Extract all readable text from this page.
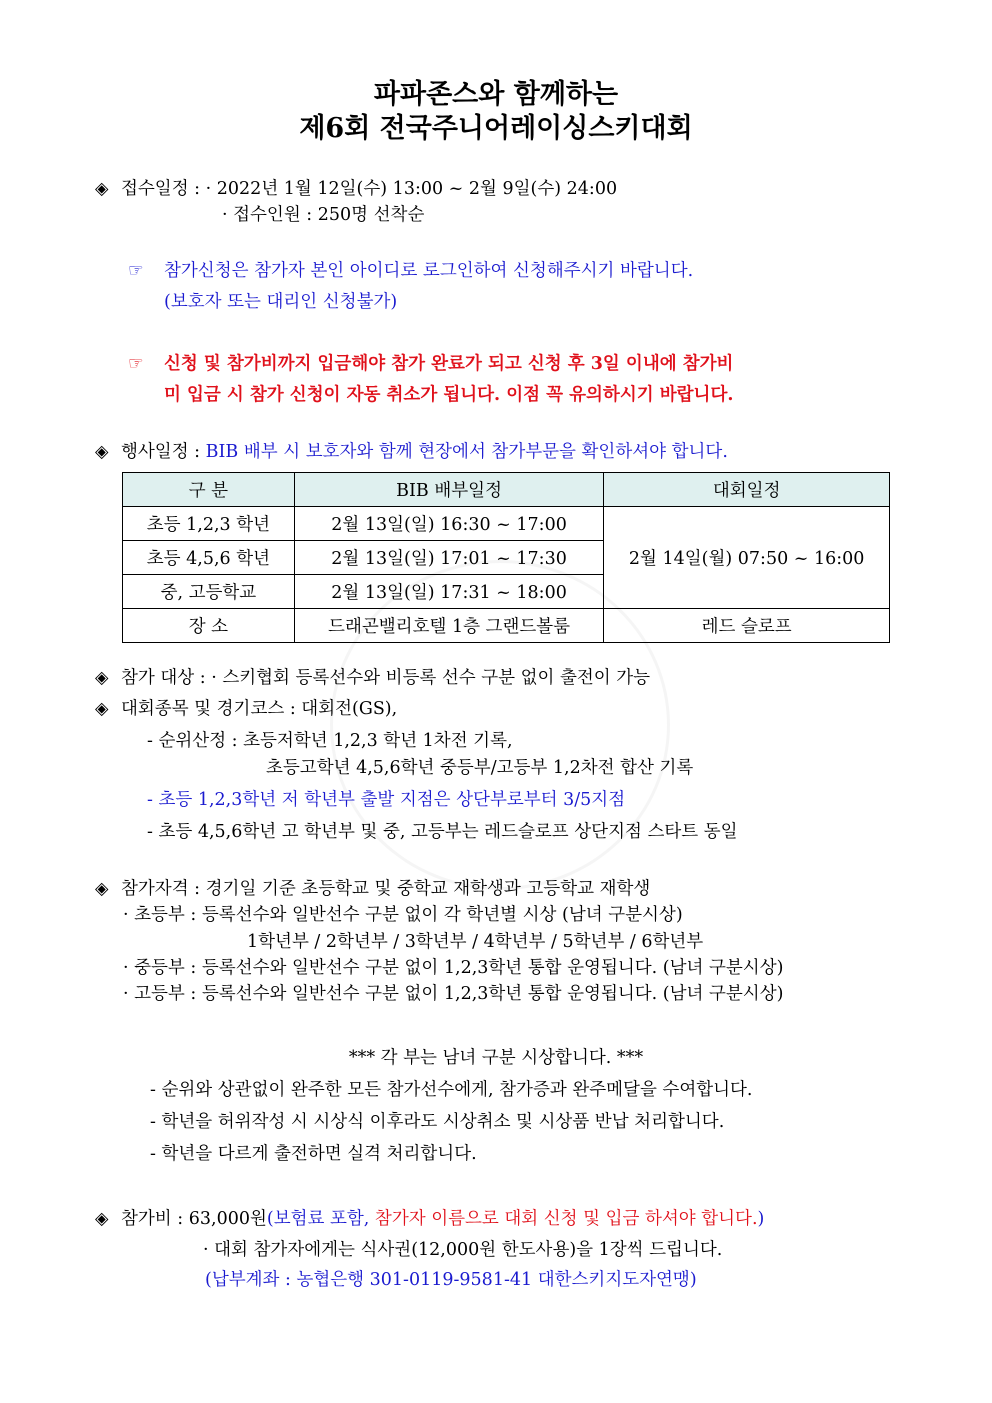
파파존스와 함께하는
제6회 전국주니어레이싱스키대회
◈ 접수일정 : · 2022년 1월 12일(수) 13:00 ~ 2월 9일(수) 24:00
· 접수인원 : 250명 선착순
☞ 참가신청은 참가자 본인 아이디로 로그인하여 신청해주시기 바랍니다.
(보호자 또는 대리인 신청불가)
☞ 신청 및 참가비까지 입금해야 참가 완료가 되고 신청 후 3일 이내에 참가비
미 입금 시 참가 신청이 자동 취소가 됩니다. 이점 꼭 유의하시기 바랍니다.
◈ 행사일정 : BIB 배부 시 보호자와 함께 현장에서 참가부문을 확인하셔야 합니다.
구 분	BIB 배부일정	대회일정
초등 1,2,3 학년	2월 13일(일) 16:30 ~ 17:00	2월 14일(월) 07:50 ~ 16:00
초등 4,5,6 학년	2월 13일(일) 17:01 ~ 17:30	
중, 고등학교	2월 13일(일) 17:31 ~ 18:00	
장 소	드래곤밸리호텔 1층 그랜드볼룸	레드 슬로프
◈ 참가 대상 : · 스키협회 등록선수와 비등록 선수 구분 없이 출전이 가능
◈ 대회종목 및 경기코스 : 대회전(GS),
- 순위산정 : 초등저학년 1,2,3 학년 1차전 기록,
초등고학년 4,5,6학년 중등부/고등부 1,2차전 합산 기록
- 초등 1,2,3학년 저 학년부 출발 지점은 상단부로부터 3/5지점
- 초등 4,5,6학년 고 학년부 및 중, 고등부는 레드슬로프 상단지점 스타트 동일
◈ 참가자격 : 경기일 기준 초등학교 및 중학교 재학생과 고등학교 재학생
· 초등부 : 등록선수와 일반선수 구분 없이 각 학년별 시상 (남녀 구분시상)
1학년부 / 2학년부 / 3학년부 / 4학년부 / 5학년부 / 6학년부
· 중등부 : 등록선수와 일반선수 구분 없이 1,2,3학년 통합 운영됩니다. (남녀 구분시상)
· 고등부 : 등록선수와 일반선수 구분 없이 1,2,3학년 통합 운영됩니다. (남녀 구분시상)
*** 각 부는 남녀 구분 시상합니다. ***
- 순위와 상관없이 완주한 모든 참가선수에게, 참가증과 완주메달을 수여합니다.
- 학년을 허위작성 시 시상식 이후라도 시상취소 및 시상품 반납 처리합니다.
- 학년을 다르게 출전하면 실격 처리합니다.
◈ 참가비 : 63,000원(보험료 포함, 참가자 이름으로 대회 신청 및 입금 하셔야 합니다.)
· 대회 참가자에게는 식사권(12,000원 한도사용)을 1장씩 드립니다.
(납부계좌 : 농협은행 301-0119-9581-41 대한스키지도자연맹)
